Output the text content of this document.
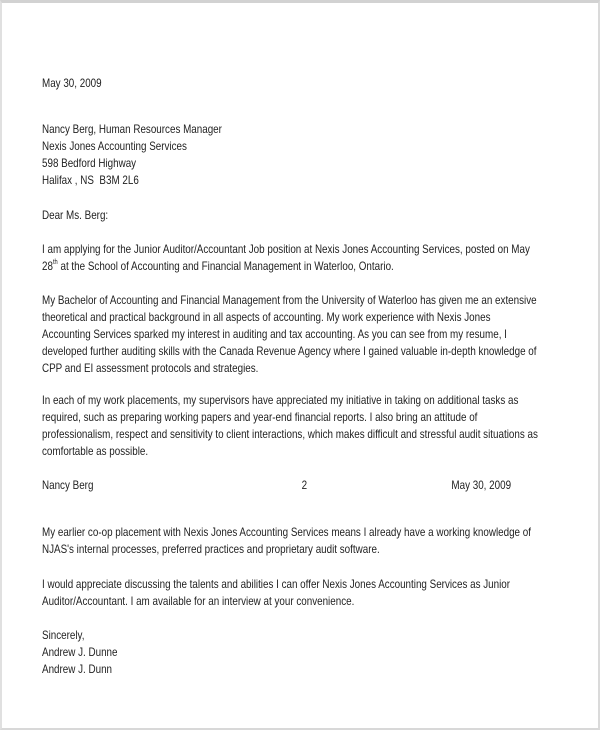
May 30, 2009
Nancy Berg, Human Resources Manager
Nexis Jones Accounting Services
598 Bedford Highway
Halifax , NS  B3M 2L6
Dear Ms. Berg:
I am applying for the Junior Auditor/Accountant Job position at Nexis Jones Accounting Services, posted on May
28th at the School of Accounting and Financial Management in Waterloo, Ontario.
My Bachelor of Accounting and Financial Management from the University of Waterloo has given me an extensive
theoretical and practical background in all aspects of accounting. My work experience with Nexis Jones
Accounting Services sparked my interest in auditing and tax accounting. As you can see from my resume, I
developed further auditing skills with the Canada Revenue Agency where I gained valuable in-depth knowledge of
CPP and EI assessment protocols and strategies.
In each of my work placements, my supervisors have appreciated my initiative in taking on additional tasks as
required, such as preparing working papers and year-end financial reports. I also bring an attitude of
professionalism, respect and sensitivity to client interactions, which makes difficult and stressful audit situations as
comfortable as possible.
Nancy Berg	2	May 30, 2009
My earlier co-op placement with Nexis Jones Accounting Services means I already have a working knowledge of
NJAS's internal processes, preferred practices and proprietary audit software.
I would appreciate discussing the talents and abilities I can offer Nexis Jones Accounting Services as Junior
Auditor/Accountant. I am available for an interview at your convenience.
Sincerely,
Andrew J. Dunne
Andrew J. Dunn
